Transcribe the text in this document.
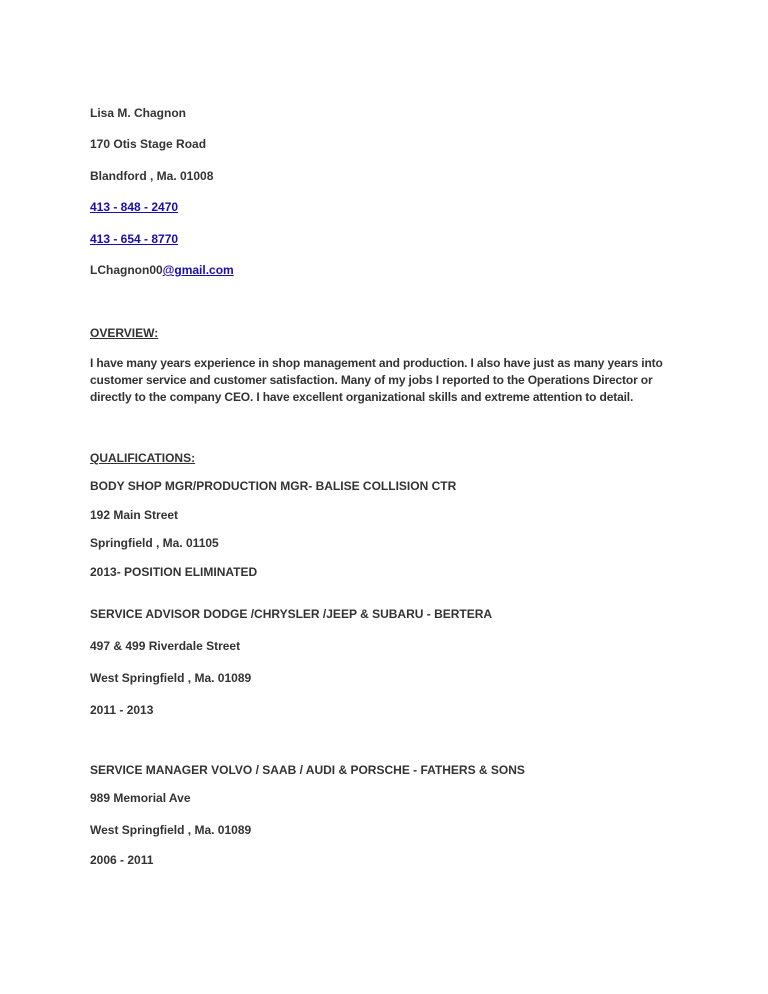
Lisa M. Chagnon
170 Otis Stage Road
Blandford , Ma. 01008
413 - 848 - 2470
413 - 654 - 8770
LChagnon00@gmail.com
OVERVIEW:
I have many years experience in shop management and production. I also have just as many years into
customer service and customer satisfaction. Many of my jobs I reported to the Operations Director or
directly to the company CEO. I have excellent organizational skills and extreme attention to detail.
QUALIFICATIONS:
BODY SHOP MGR/PRODUCTION MGR- BALISE COLLISION CTR
192 Main Street
Springfield , Ma. 01105
2013- POSITION ELIMINATED
SERVICE ADVISOR DODGE /CHRYSLER /JEEP & SUBARU - BERTERA
497 & 499 Riverdale Street
West Springfield , Ma. 01089
2011 - 2013
SERVICE MANAGER VOLVO / SAAB / AUDI & PORSCHE - FATHERS & SONS
989 Memorial Ave
West Springfield , Ma. 01089
2006 - 2011
